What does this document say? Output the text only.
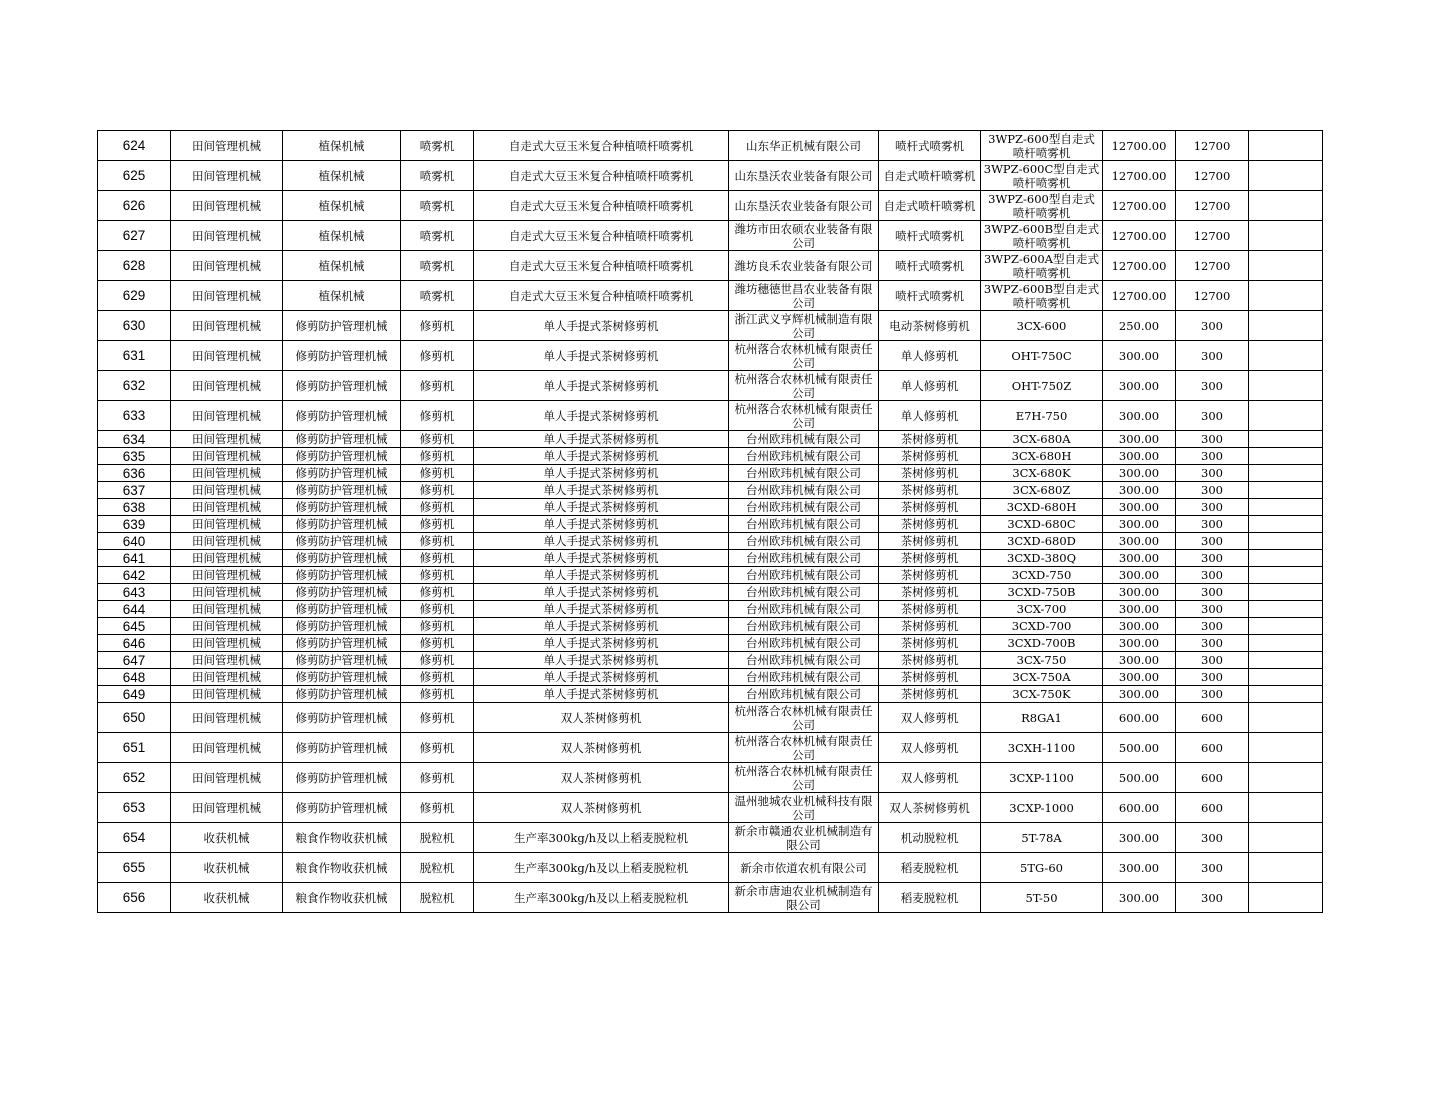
624	田间管理机械	植保机械	喷雾机	自走式大豆玉米复合种植喷杆喷雾机	山东华正机械有限公司	喷杆式喷雾机	3WPZ-600型自走式喷杆喷雾机	12700.00	12700	
625	田间管理机械	植保机械	喷雾机	自走式大豆玉米复合种植喷杆喷雾机	山东垦沃农业装备有限公司	自走式喷杆喷雾机	3WPZ-600C型自走式喷杆喷雾机	12700.00	12700	
626	田间管理机械	植保机械	喷雾机	自走式大豆玉米复合种植喷杆喷雾机	山东垦沃农业装备有限公司	自走式喷杆喷雾机	3WPZ-600型自走式喷杆喷雾机	12700.00	12700	
627	田间管理机械	植保机械	喷雾机	自走式大豆玉米复合种植喷杆喷雾机	潍坊市田农硕农业装备有限公司	喷杆式喷雾机	3WPZ-600B型自走式喷杆喷雾机	12700.00	12700	
628	田间管理机械	植保机械	喷雾机	自走式大豆玉米复合种植喷杆喷雾机	潍坊良禾农业装备有限公司	喷杆式喷雾机	3WPZ-600A型自走式喷杆喷雾机	12700.00	12700	
629	田间管理机械	植保机械	喷雾机	自走式大豆玉米复合种植喷杆喷雾机	潍坊穗德世昌农业装备有限公司	喷杆式喷雾机	3WPZ-600B型自走式喷杆喷雾机	12700.00	12700	
630	田间管理机械	修剪防护管理机械	修剪机	单人手提式茶树修剪机	浙江武义亨辉机械制造有限公司	电动茶树修剪机	3CX-600	250.00	300	
631	田间管理机械	修剪防护管理机械	修剪机	单人手提式茶树修剪机	杭州落合农林机械有限责任公司	单人修剪机	OHT-750C	300.00	300	
632	田间管理机械	修剪防护管理机械	修剪机	单人手提式茶树修剪机	杭州落合农林机械有限责任公司	单人修剪机	OHT-750Z	300.00	300	
633	田间管理机械	修剪防护管理机械	修剪机	单人手提式茶树修剪机	杭州落合农林机械有限责任公司	单人修剪机	E7H-750	300.00	300	
634	田间管理机械	修剪防护管理机械	修剪机	单人手提式茶树修剪机	台州欧玮机械有限公司	茶树修剪机	3CX-680A	300.00	300	
635	田间管理机械	修剪防护管理机械	修剪机	单人手提式茶树修剪机	台州欧玮机械有限公司	茶树修剪机	3CX-680H	300.00	300	
636	田间管理机械	修剪防护管理机械	修剪机	单人手提式茶树修剪机	台州欧玮机械有限公司	茶树修剪机	3CX-680K	300.00	300	
637	田间管理机械	修剪防护管理机械	修剪机	单人手提式茶树修剪机	台州欧玮机械有限公司	茶树修剪机	3CX-680Z	300.00	300	
638	田间管理机械	修剪防护管理机械	修剪机	单人手提式茶树修剪机	台州欧玮机械有限公司	茶树修剪机	3CXD-680H	300.00	300	
639	田间管理机械	修剪防护管理机械	修剪机	单人手提式茶树修剪机	台州欧玮机械有限公司	茶树修剪机	3CXD-680C	300.00	300	
640	田间管理机械	修剪防护管理机械	修剪机	单人手提式茶树修剪机	台州欧玮机械有限公司	茶树修剪机	3CXD-680D	300.00	300	
641	田间管理机械	修剪防护管理机械	修剪机	单人手提式茶树修剪机	台州欧玮机械有限公司	茶树修剪机	3CXD-380Q	300.00	300	
642	田间管理机械	修剪防护管理机械	修剪机	单人手提式茶树修剪机	台州欧玮机械有限公司	茶树修剪机	3CXD-750	300.00	300	
643	田间管理机械	修剪防护管理机械	修剪机	单人手提式茶树修剪机	台州欧玮机械有限公司	茶树修剪机	3CXD-750B	300.00	300	
644	田间管理机械	修剪防护管理机械	修剪机	单人手提式茶树修剪机	台州欧玮机械有限公司	茶树修剪机	3CX-700	300.00	300	
645	田间管理机械	修剪防护管理机械	修剪机	单人手提式茶树修剪机	台州欧玮机械有限公司	茶树修剪机	3CXD-700	300.00	300	
646	田间管理机械	修剪防护管理机械	修剪机	单人手提式茶树修剪机	台州欧玮机械有限公司	茶树修剪机	3CXD-700B	300.00	300	
647	田间管理机械	修剪防护管理机械	修剪机	单人手提式茶树修剪机	台州欧玮机械有限公司	茶树修剪机	3CX-750	300.00	300	
648	田间管理机械	修剪防护管理机械	修剪机	单人手提式茶树修剪机	台州欧玮机械有限公司	茶树修剪机	3CX-750A	300.00	300	
649	田间管理机械	修剪防护管理机械	修剪机	单人手提式茶树修剪机	台州欧玮机械有限公司	茶树修剪机	3CX-750K	300.00	300	
650	田间管理机械	修剪防护管理机械	修剪机	双人茶树修剪机	杭州落合农林机械有限责任公司	双人修剪机	R8GA1	600.00	600	
651	田间管理机械	修剪防护管理机械	修剪机	双人茶树修剪机	杭州落合农林机械有限责任公司	双人修剪机	3CXH-1100	500.00	600	
652	田间管理机械	修剪防护管理机械	修剪机	双人茶树修剪机	杭州落合农林机械有限责任公司	双人修剪机	3CXP-1100	500.00	600	
653	田间管理机械	修剪防护管理机械	修剪机	双人茶树修剪机	温州驰城农业机械科技有限公司	双人茶树修剪机	3CXP-1000	600.00	600	
654	收获机械	粮食作物收获机械	脱粒机	生产率300kg/h及以上稻麦脱粒机	新余市赣通农业机械制造有限公司	机动脱粒机	5T-78A	300.00	300	
655	收获机械	粮食作物收获机械	脱粒机	生产率300kg/h及以上稻麦脱粒机	新余市依道农机有限公司	稻麦脱粒机	5TG-60	300.00	300	
656	收获机械	粮食作物收获机械	脱粒机	生产率300kg/h及以上稻麦脱粒机	新余市唐迪农业机械制造有限公司	稻麦脱粒机	5T-50	300.00	300	
